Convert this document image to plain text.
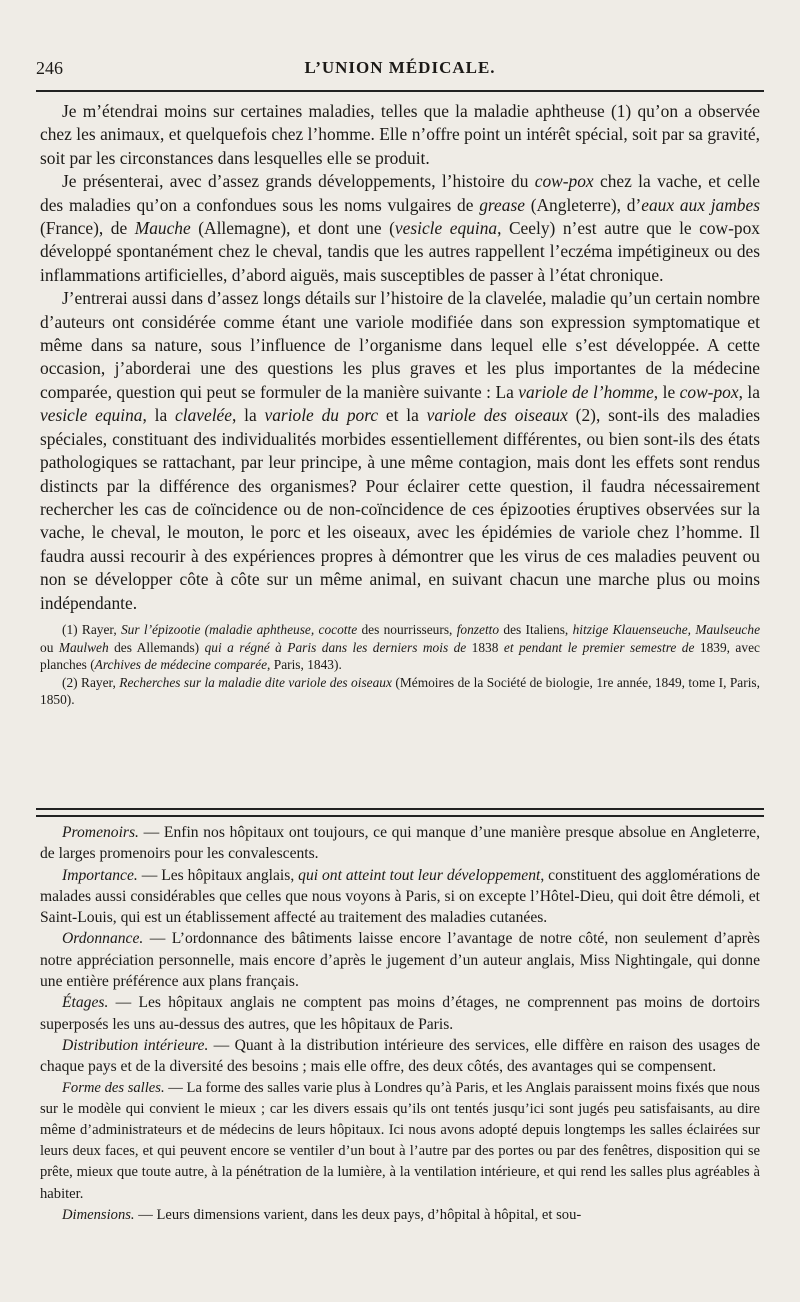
246	L’UNION MÉDICALE.

Je m’étendrai moins sur certaines maladies, telles que la maladie aphtheuse (1) qu’on a observée chez les animaux, et quelquefois chez l’homme. Elle n’offre point un intérêt spécial, soit par sa gravité, soit par les circonstances dans lesquelles elle se produit.

Je présenterai, avec d’assez grands développements, l’histoire du cow-pox chez la vache, et celle des maladies qu’on a confondues sous les noms vulgaires de grease (Angleterre), d’eaux aux jambes (France), de Mauche (Allemagne), et dont une (vesicle equina, Ceely) n’est autre que le cow-pox développé spontanément chez le cheval, tandis que les autres rappellent l’eczéma impétigineux ou des inflammations artificielles, d’abord aiguës, mais susceptibles de passer à l’état chronique.

J’entrerai aussi dans d’assez longs détails sur l’histoire de la clavelée, maladie qu’un certain nombre d’auteurs ont considérée comme étant une variole modifiée dans son expression symptomatique et même dans sa nature, sous l’influence de l’organisme dans lequel elle s’est développée. A cette occasion, j’aborderai une des questions les plus graves et les plus importantes de la médecine comparée, question qui peut se formuler de la manière suivante : La variole de l’homme, le cow-pox, la vesicle equina, la clavelée, la variole du porc et la variole des oiseaux (2), sont-ils des maladies spéciales, constituant des individualités morbides essentiellement différentes, ou bien sont-ils des états pathologiques se rattachant, par leur principe, à une même contagion, mais dont les effets sont rendus distincts par la différence des organismes? Pour éclairer cette question, il faudra nécessairement rechercher les cas de coïncidence ou de non-coïncidence de ces épizooties éruptives observées sur la vache, le cheval, le mouton, le porc et les oiseaux, avec les épidémies de variole chez l’homme. Il faudra aussi recourir à des expériences propres à démontrer que les virus de ces maladies peuvent ou non se développer côte à côte sur un même animal, en suivant chacun une marche plus ou moins indépendante.

(1) Rayer, Sur l’épizootie (maladie aphtheuse, cocotte des nourrisseurs, fonzetto des Italiens, hitzige Klauenseuche, Maulseuche ou Maulweh des Allemands) qui a régné à Paris dans les derniers mois de 1838 et pendant le premier semestre de 1839, avec planches (Archives de médecine comparée, Paris, 1843).

(2) Rayer, Recherches sur la maladie dite variole des oiseaux (Mémoires de la Société de biologie, 1re année, 1849, tome I, Paris, 1850).

Promenoirs. — Enfin nos hôpitaux ont toujours, ce qui manque d’une manière presque absolue en Angleterre, de larges promenoirs pour les convalescents.

Importance. — Les hôpitaux anglais, qui ont atteint tout leur développement, constituent des agglomérations de malades aussi considérables que celles que nous voyons à Paris, si on excepte l’Hôtel-Dieu, qui doit être démoli, et Saint-Louis, qui est un établissement affecté au traitement des maladies cutanées.

Ordonnance. — L’ordonnance des bâtiments laisse encore l’avantage de notre côté, non seulement d’après notre appréciation personnelle, mais encore d’après le jugement d’un auteur anglais, Miss Nightingale, qui donne une entière préférence aux plans français.

Étages. — Les hôpitaux anglais ne comptent pas moins d’étages, ne comprennent pas moins de dortoirs superposés les uns au-dessus des autres, que les hôpitaux de Paris.

Distribution intérieure. — Quant à la distribution intérieure des services, elle diffère en raison des usages de chaque pays et de la diversité des besoins ; mais elle offre, des deux côtés, des avantages qui se compensent.

Forme des salles. — La forme des salles varie plus à Londres qu’à Paris, et les Anglais paraissent moins fixés que nous sur le modèle qui convient le mieux ; car les divers essais qu’ils ont tentés jusqu’ici sont jugés peu satisfaisants, au dire même d’administrateurs et de médecins de leurs hôpitaux. Ici nous avons adopté depuis longtemps les salles éclairées sur leurs deux faces, et qui peuvent encore se ventiler d’un bout à l’autre par des portes ou par des fenêtres, disposition qui se prête, mieux que toute autre, à la pénétration de la lumière, à la ventilation intérieure, et qui rend les salles plus agréables à habiter.

Dimensions. — Leurs dimensions varient, dans les deux pays, d’hôpital à hôpital, et sou-
